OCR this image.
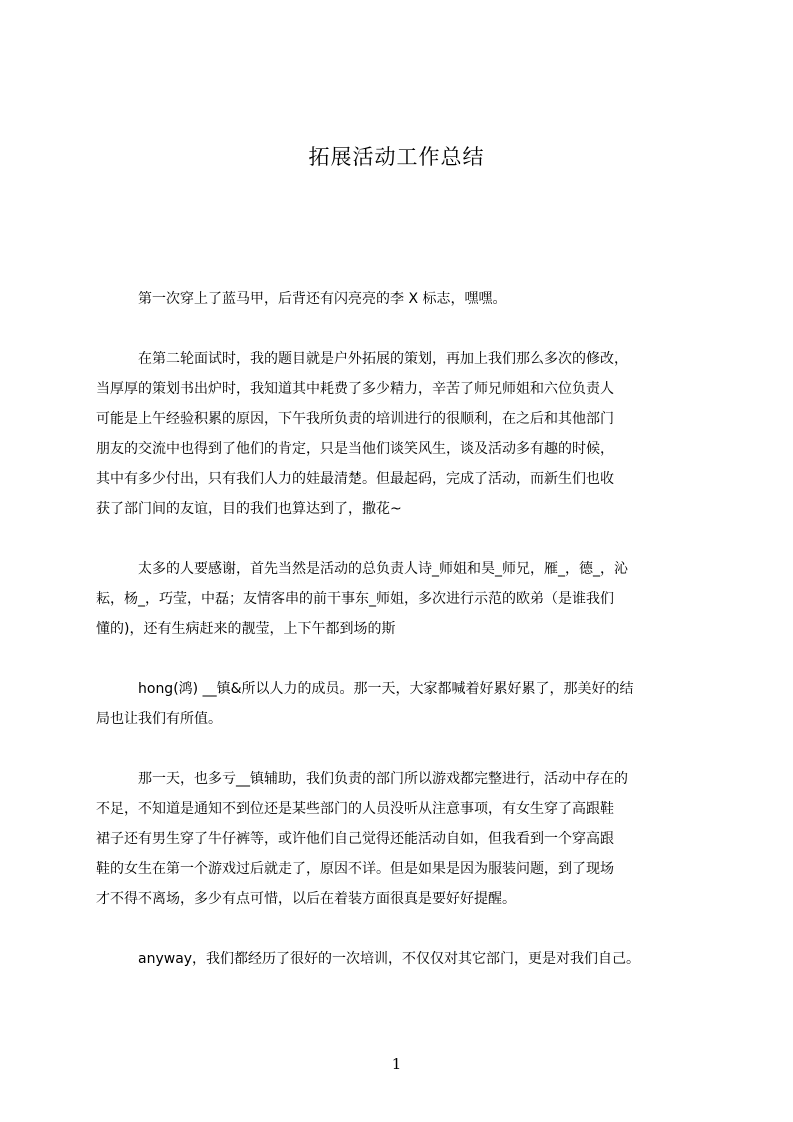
拓展活动工作总结
第一次穿上了蓝马甲，后背还有闪亮亮的李 X 标志，嘿嘿。
在第二轮面试时，我的题目就是户外拓展的策划，再加上我们那么多次的修改，
当厚厚的策划书出炉时，我知道其中耗费了多少精力，辛苦了师兄师姐和六位负责人
可能是上午经验积累的原因，下午我所负责的培训进行的很顺利，在之后和其他部门
朋友的交流中也得到了他们的肯定，只是当他们谈笑风生，谈及活动多有趣的时候，
其中有多少付出，只有我们人力的娃最清楚。但最起码，完成了活动，而新生们也收
获了部门间的友谊，目的我们也算达到了，撒花~
太多的人要感谢，首先当然是活动的总负责人诗_师姐和昊_师兄，雁_，德_，沁
耘，杨_，巧莹，中磊；友情客串的前干事东_师姐，多次进行示范的欧弟（是谁我们
懂的)，还有生病赶来的靓莹，上下午都到场的斯
hong(鸿) __镇&所以人力的成员。那一天，大家都喊着好累好累了，那美好的结
局也让我们有所值。
那一天，也多亏__镇辅助，我们负责的部门所以游戏都完整进行，活动中存在的
不足，不知道是通知不到位还是某些部门的人员没听从注意事项，有女生穿了高跟鞋
裙子还有男生穿了牛仔裤等，或许他们自己觉得还能活动自如，但我看到一个穿高跟
鞋的女生在第一个游戏过后就走了，原因不详。但是如果是因为服装问题，到了现场
才不得不离场，多少有点可惜，以后在着装方面很真是要好好提醒。
anyway，我们都经历了很好的一次培训，不仅仅对其它部门，更是对我们自己。
1
